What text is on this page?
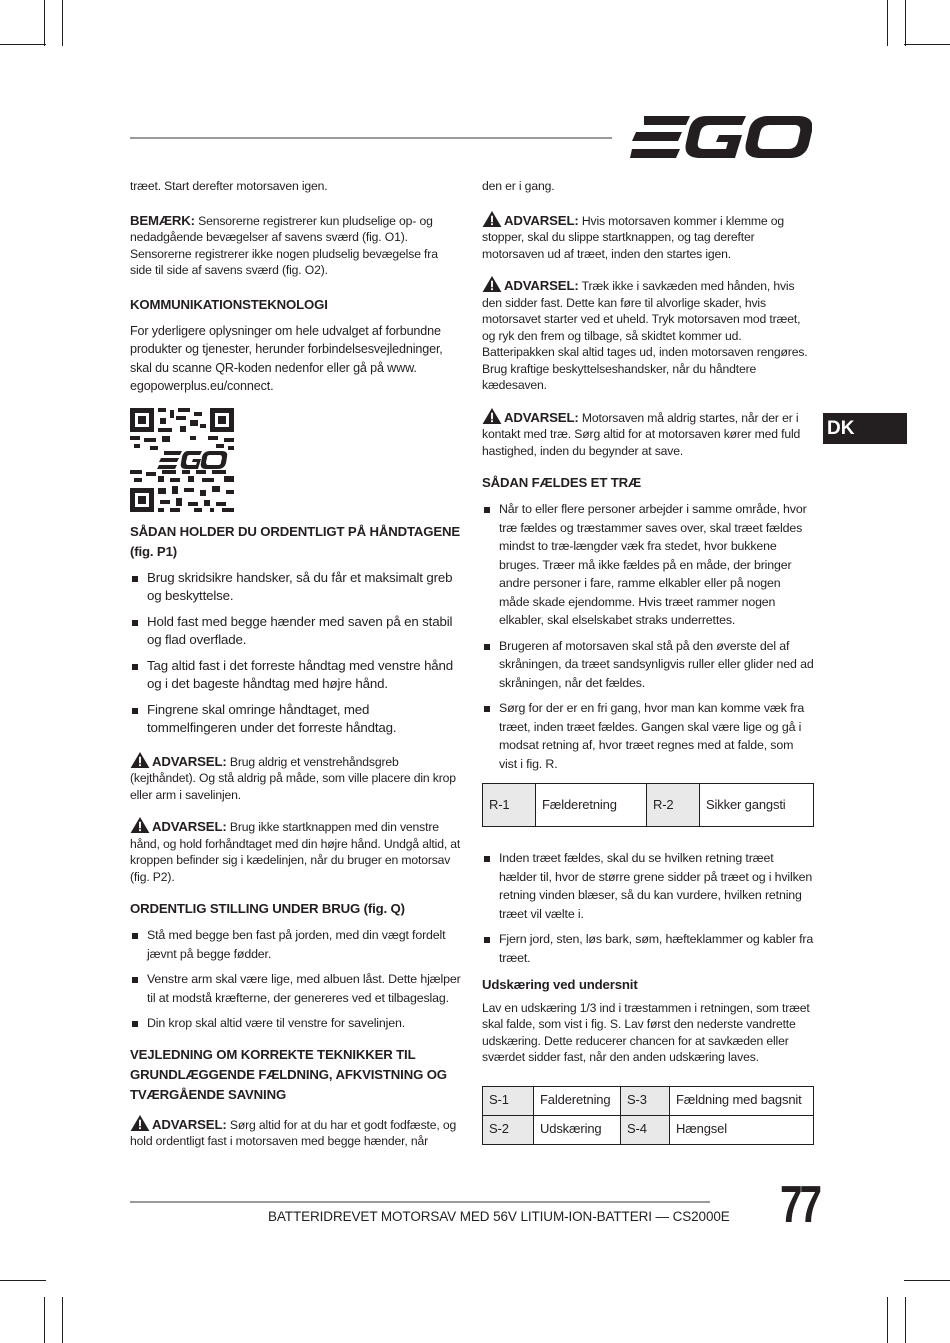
EGO
DK

træet. Start derefter motorsaven igen.

BEMÆRK: Sensorerne registrerer kun pludselige op- og nedadgående bevægelser af savens sværd (fig. O1). Sensorerne registrerer ikke nogen pludselig bevægelse fra side til side af savens sværd (fig. O2).

KOMMUNIKATIONSTEKNOLOGI

For yderligere oplysninger om hele udvalget af forbundne produkter og tjenester, herunder forbindelsesvejledninger, skal du scanne QR-koden nedenfor eller gå på www. egopowerplus.eu/connect.

SÅDAN HOLDER DU ORDENTLIGT PÅ HÅNDTAGENE (fig. P1)
Brug skridsikre handsker, så du får et maksimalt greb og beskyttelse.
Hold fast med begge hænder med saven på en stabil og flad overflade.
Tag altid fast i det forreste håndtag med venstre hånd og i det bageste håndtag med højre hånd.
Fingrene skal omringe håndtaget, med tommelfingeren under det forreste håndtag.

ADVARSEL: Brug aldrig et venstrehåndsgreb (kejthåndet). Og stå aldrig på måde, som ville placere din krop eller arm i savelinjen.

ADVARSEL: Brug ikke startknappen med din venstre hånd, og hold forhåndtaget med din højre hånd. Undgå altid, at kroppen befinder sig i kædelinjen, når du bruger en motorsav (fig. P2).

ORDENTLIG STILLING UNDER BRUG (fig. Q)
Stå med begge ben fast på jorden, med din vægt fordelt jævnt på begge fødder.
Venstre arm skal være lige, med albuen låst. Dette hjælper til at modstå kræfterne, der genereres ved et tilbageslag.
Din krop skal altid være til venstre for savelinjen.
VEJLEDNING OM KORREKTE TEKNIKKER TIL GRUNDLÆGGENDE FÆLDNING, AFKVISTNING OG TVÆRGÅENDE SAVNING

ADVARSEL: Sørg altid for at du har et godt fodfæste, og hold ordentligt fast i motorsaven med begge hænder, når

den er i gang.

ADVARSEL: Hvis motorsaven kommer i klemme og stopper, skal du slippe startknappen, og tag derefter motorsaven ud af træet, inden den startes igen.

ADVARSEL: Træk ikke i savkæden med hånden, hvis den sidder fast. Dette kan føre til alvorlige skader, hvis motorsavet starter ved et uheld. Tryk motorsaven mod træet, og ryk den frem og tilbage, så skidtet kommer ud. Batteripakken skal altid tages ud, inden motorsaven rengøres. Brug kraftige beskyttelseshandsker, når du håndtere kædesaven.

ADVARSEL: Motorsaven må aldrig startes, når der er i kontakt med træ. Sørg altid for at motorsaven kører med fuld hastighed, inden du begynder at save.

SÅDAN FÆLDES ET TRÆ
Når to eller flere personer arbejder i samme område, hvor træ fældes og træstammer saves over, skal træet fældes mindst to træ-længder væk fra stedet, hvor bukkene bruges. Træer må ikke fældes på en måde, der bringer andre personer i fare, ramme elkabler eller på nogen måde skade ejendomme. Hvis træet rammer nogen elkabler, skal elselskabet straks underrettes.
Brugeren af motorsaven skal stå på den øverste del af skråningen, da træet sandsynligvis ruller eller glider ned ad skråningen, når det fældes.
Sørg for der er en fri gang, hvor man kan komme væk fra træet, inden træet fældes. Gangen skal være lige og gå i modsat retning af, hvor træet regnes med at falde, som vist i fig. R.
R-1	Fælderetning	R-2	Sikker gangsti
Inden træet fældes, skal du se hvilken retning træet hælder til, hvor de større grene sidder på træet og i hvilken retning vinden blæser, så du kan vurdere, hvilken retning træet vil vælte i.
Fjern jord, sten, løs bark, søm, hæfteklammer og kabler fra træet.
Udskæring ved undersnit

Lav en udskæring 1/3 ind i træstammen i retningen, som træet skal falde, som vist i fig. S. Lav først den nederste vandrette udskæring. Dette reducerer chancen for at savkæden eller sværdet sidder fast, når den anden udskæring laves.

S-1	Falderetning	S-3	Fældning med bagsnit
S-2	Udskæring	S-4	Hængsel
BATTERIDREVET MOTORSAV MED 56V LITIUM-ION-BATTERI — CS2000E 77
